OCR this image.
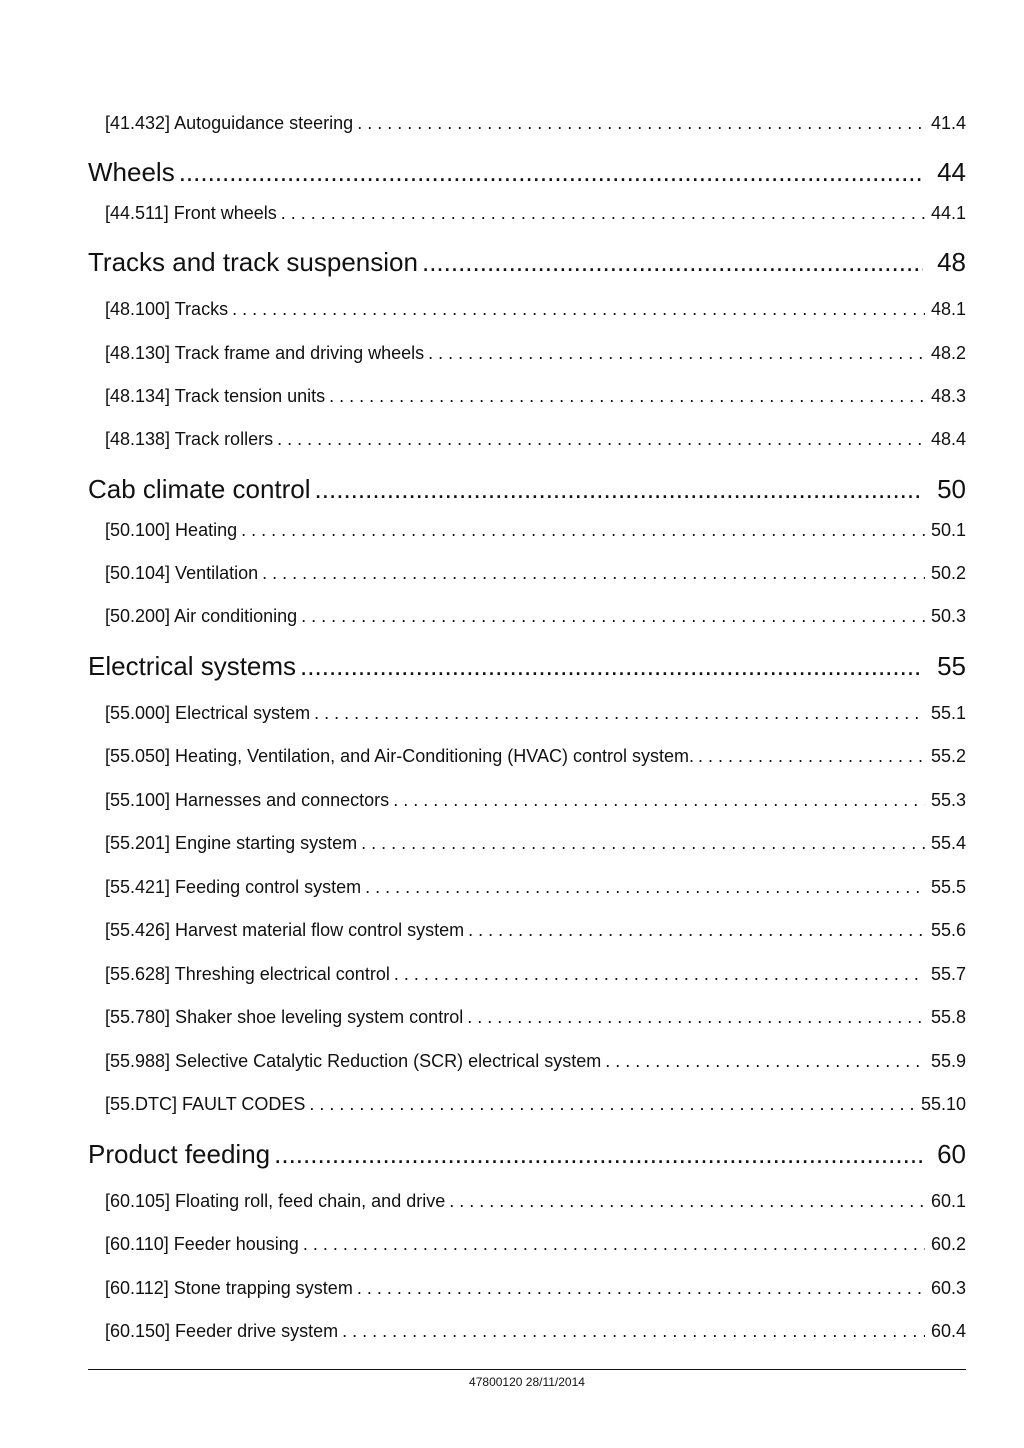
[41.432] Autoguidance steering . . .	41.4
Wheels .....	44
[44.511] Front wheels . . .	44.1
Tracks and track suspension .....	48
[48.100] Tracks . . .	48.1
[48.130] Track frame and driving wheels . . .	48.2
[48.134] Track tension units . . .	48.3
[48.138] Track rollers . . .	48.4
Cab climate control .....	50
[50.100] Heating . . .	50.1
[50.104] Ventilation . . .	50.2
[50.200] Air conditioning . . .	50.3
Electrical systems .....	55
[55.000] Electrical system . . .	55.1
[55.050] Heating, Ventilation, and Air-Conditioning (HVAC) control system. . . .	55.2
[55.100] Harnesses and connectors . . .	55.3
[55.201] Engine starting system . . .	55.4
[55.421] Feeding control system . . .	55.5
[55.426] Harvest material flow control system . . .	55.6
[55.628] Threshing electrical control . . .	55.7
[55.780] Shaker shoe leveling system control . . .	55.8
[55.988] Selective Catalytic Reduction (SCR) electrical system . . .	55.9
[55.DTC] FAULT CODES . . .	55.10
Product feeding .....	60
[60.105] Floating roll, feed chain, and drive . . .	60.1
[60.110] Feeder housing . . .	60.2
[60.112] Stone trapping system . . .	60.3
[60.150] Feeder drive system . . .	60.4
47800120 28/11/2014
